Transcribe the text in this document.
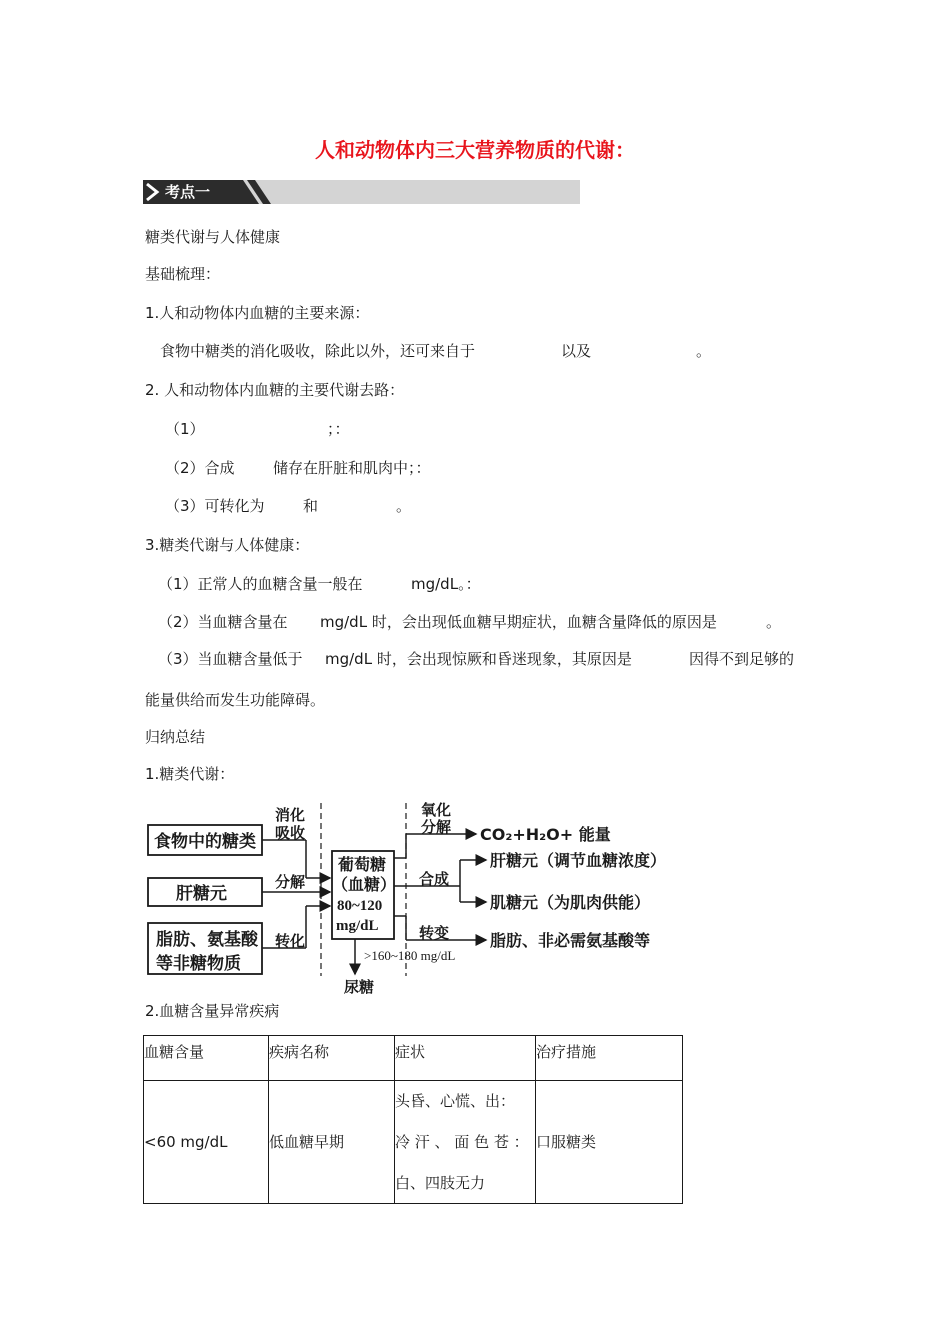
人和动物体内三大营养物质的代谢：
考点一
糖类代谢与人体健康
基础梳理：
1.人和动物体内血糖的主要来源：
食物中糖类的消化吸收，除此以外，还可来自于	以及	。
2. 人和动物体内血糖的主要代谢去路：
（1）	；：
（2）合成	储存在肝脏和肌肉中；：
（3）可转化为	和	。
3.糖类代谢与人体健康：
（1）正常人的血糖含量一般在	mg/dL。：
（2）当血糖含量在 mg/dL 时，会出现低血糖早期症状，血糖含量降低的原因是	。
（3）当血糖含量低于 mg/dL 时，会出现惊厥和昏迷现象，其原因是	因得不到足够的
能量供给而发生功能障碍。
归纳总结
1.糖类代谢：
食物中的糖类
肝糖元
脂肪、氨基酸
等非糖物质
消化
吸收
分解
转化
葡萄糖
（血糖）
80~120
mg/dL
氧化
分解
合成
转变
CO₂+H₂O+ 能量
肝糖元（调节血糖浓度）
肌糖元（为肌肉供能）
脂肪、非必需氨基酸等
>160~180 mg/dL
尿糖
2.血糖含量异常疾病
血糖含量	疾病名称	症状	治疗措施
<60 mg/dL	低血糖早期	头昏、心慌、出：
冷 汗 、 面 色 苍 ：
白、四肢无力	口服糖类
